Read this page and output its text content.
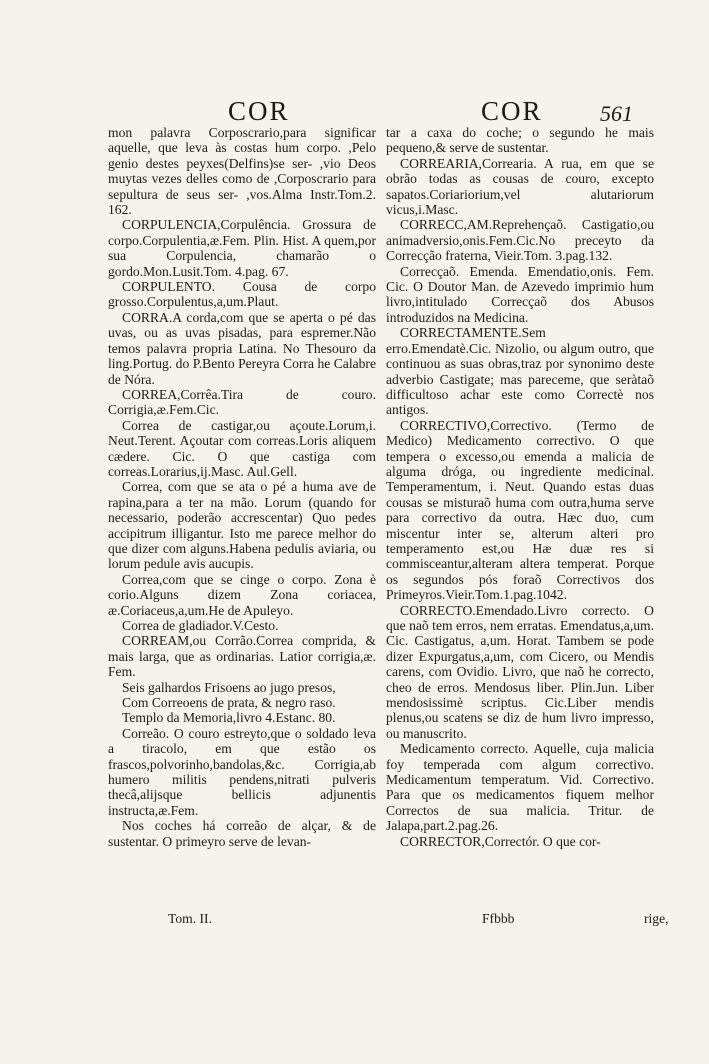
COR	COR	561

mon palavra Corposcrario,para significar aquelle, que leva às costas hum corpo. ,Pelo genio destes peyxes(Delfins)se ser- ,vio Deos muytas vezes delles como de ,Corposcrario para sepultura de seus ser- ,vos.Alma Instr.Tom.2. 162.

CORPULENCIA,Corpulência. Grossura de corpo.Corpulentia,æ.Fem. Plin. Hist. A quem,por sua Corpulencia, chamarão o gordo.Mon.Lusit.Tom. 4.pag. 67.

CORPULENTO. Cousa de corpo grosso.Corpulentus,a,um.Plaut.

CORRA.A corda,com que se aperta o pé das uvas, ou as uvas pisadas, para espremer.Não temos palavra propria Latina. No Thesouro da ling.Portug. do P.Bento Pereyra Corra he Calabre de Nóra.

CORREA,Corrêa.Tira de couro. Corrigia,æ.Fem.Cic.

Correa de castigar,ou açoute.Lorum,i. Neut.Terent. Açoutar com correas.Loris aliquem cædere. Cic. O que castiga com correas.Lorarius,ij.Masc. Aul.Gell.

Correa, com que se ata o pé a huma ave de rapina,para a ter na mão. Lorum (quando for necessario, poderão accrescentar) Quo pedes accipitrum illigantur. Isto me parece melhor do que dizer com alguns.Habena pedulis aviaria, ou lorum pedule avis aucupis.

Correa,com que se cinge o corpo. Zona è corio.Alguns dizem Zona coriacea, æ.Coriaceus,a,um.He de Apuleyo.

Correa de gladiador.V.Cesto.

CORREAM,ou Corrão.Correa comprida, & mais larga, que as ordinarias. Latior corrigia,æ. Fem.

Seis galhardos Frisoens ao jugo presos,

Com Correoens de prata, & negro raso.

Templo da Memoria,livro 4.Estanc. 80.

Correão. O couro estreyto,que o soldado leva a tiracolo, em que estão os frascos,polvorinho,bandolas,&c. Corrigia,ab humero militis pendens,nitrati pulveris thecâ,alijsque bellicis adjunentis instructa,æ.Fem.

Nos coches há correão de alçar, & de sustentar. O primeyro serve de levan-

tar a caxa do coche; o segundo he mais pequeno,& serve de sustentar.

CORREARIA,Correaria. A rua, em que se obrão todas as cousas de couro, excepto sapatos.Coriariorium,vel alutariorum vicus,i.Masc.

CORRECC,AM.Reprehençaõ. Castigatio,ou animadversio,onis.Fem.Cic.No preceyto da Correcção fraterna, Vieir.Tom. 3.pag.132.

Correcçaõ. Emenda. Emendatio,onis. Fem. Cic. O Doutor Man. de Azevedo imprimio hum livro,intitulado Correcçaõ dos Abusos introduzidos na Medicina.

CORRECTAMENTE.Sem erro.Emendatè.Cic. Nizolio, ou algum outro, que continuou as suas obras,traz por synonimo deste adverbio Castigate; mas pareceme, que seràtaõ difficultoso achar este como Correctè nos antigos.

CORRECTIVO,Correctivo. (Termo de Medico) Medicamento correctivo. O que tempera o excesso,ou emenda a malicia de alguma dróga, ou ingrediente medicinal. Temperamentum, i. Neut. Quando estas duas cousas se misturaõ huma com outra,huma serve para correctivo da outra. Hæc duo, cum miscentur inter se, alterum alteri pro temperamento est,ou Hæ duæ res si commisceantur,alteram altera temperat. Porque os segundos pós foraõ Correctivos dos Primeyros.Vieir.Tom.1.pag.1042.

CORRECTO.Emendado.Livro correcto. O que naõ tem erros, nem erratas. Emendatus,a,um. Cic. Castigatus, a,um. Horat. Tambem se pode dizer Expurgatus,a,um, com Cicero, ou Mendis carens, com Ovidio. Livro, que naõ he correcto, cheo de erros. Mendosus liber. Plin.Jun. Liber mendosissimè scriptus. Cic.Liber mendis plenus,ou scatens se diz de hum livro impresso, ou manuscrito.

Medicamento correcto. Aquelle, cuja malicia foy temperada com algum correctivo. Medicamentum temperatum. Vid. Correctivo. Para que os medicamentos fiquem melhor Correctos de sua malicia. Tritur. de Jalapa,part.2.pag.26.

CORRECTOR,Correctór. O que cor-

Tom. II.	Ffbbb	rige,
